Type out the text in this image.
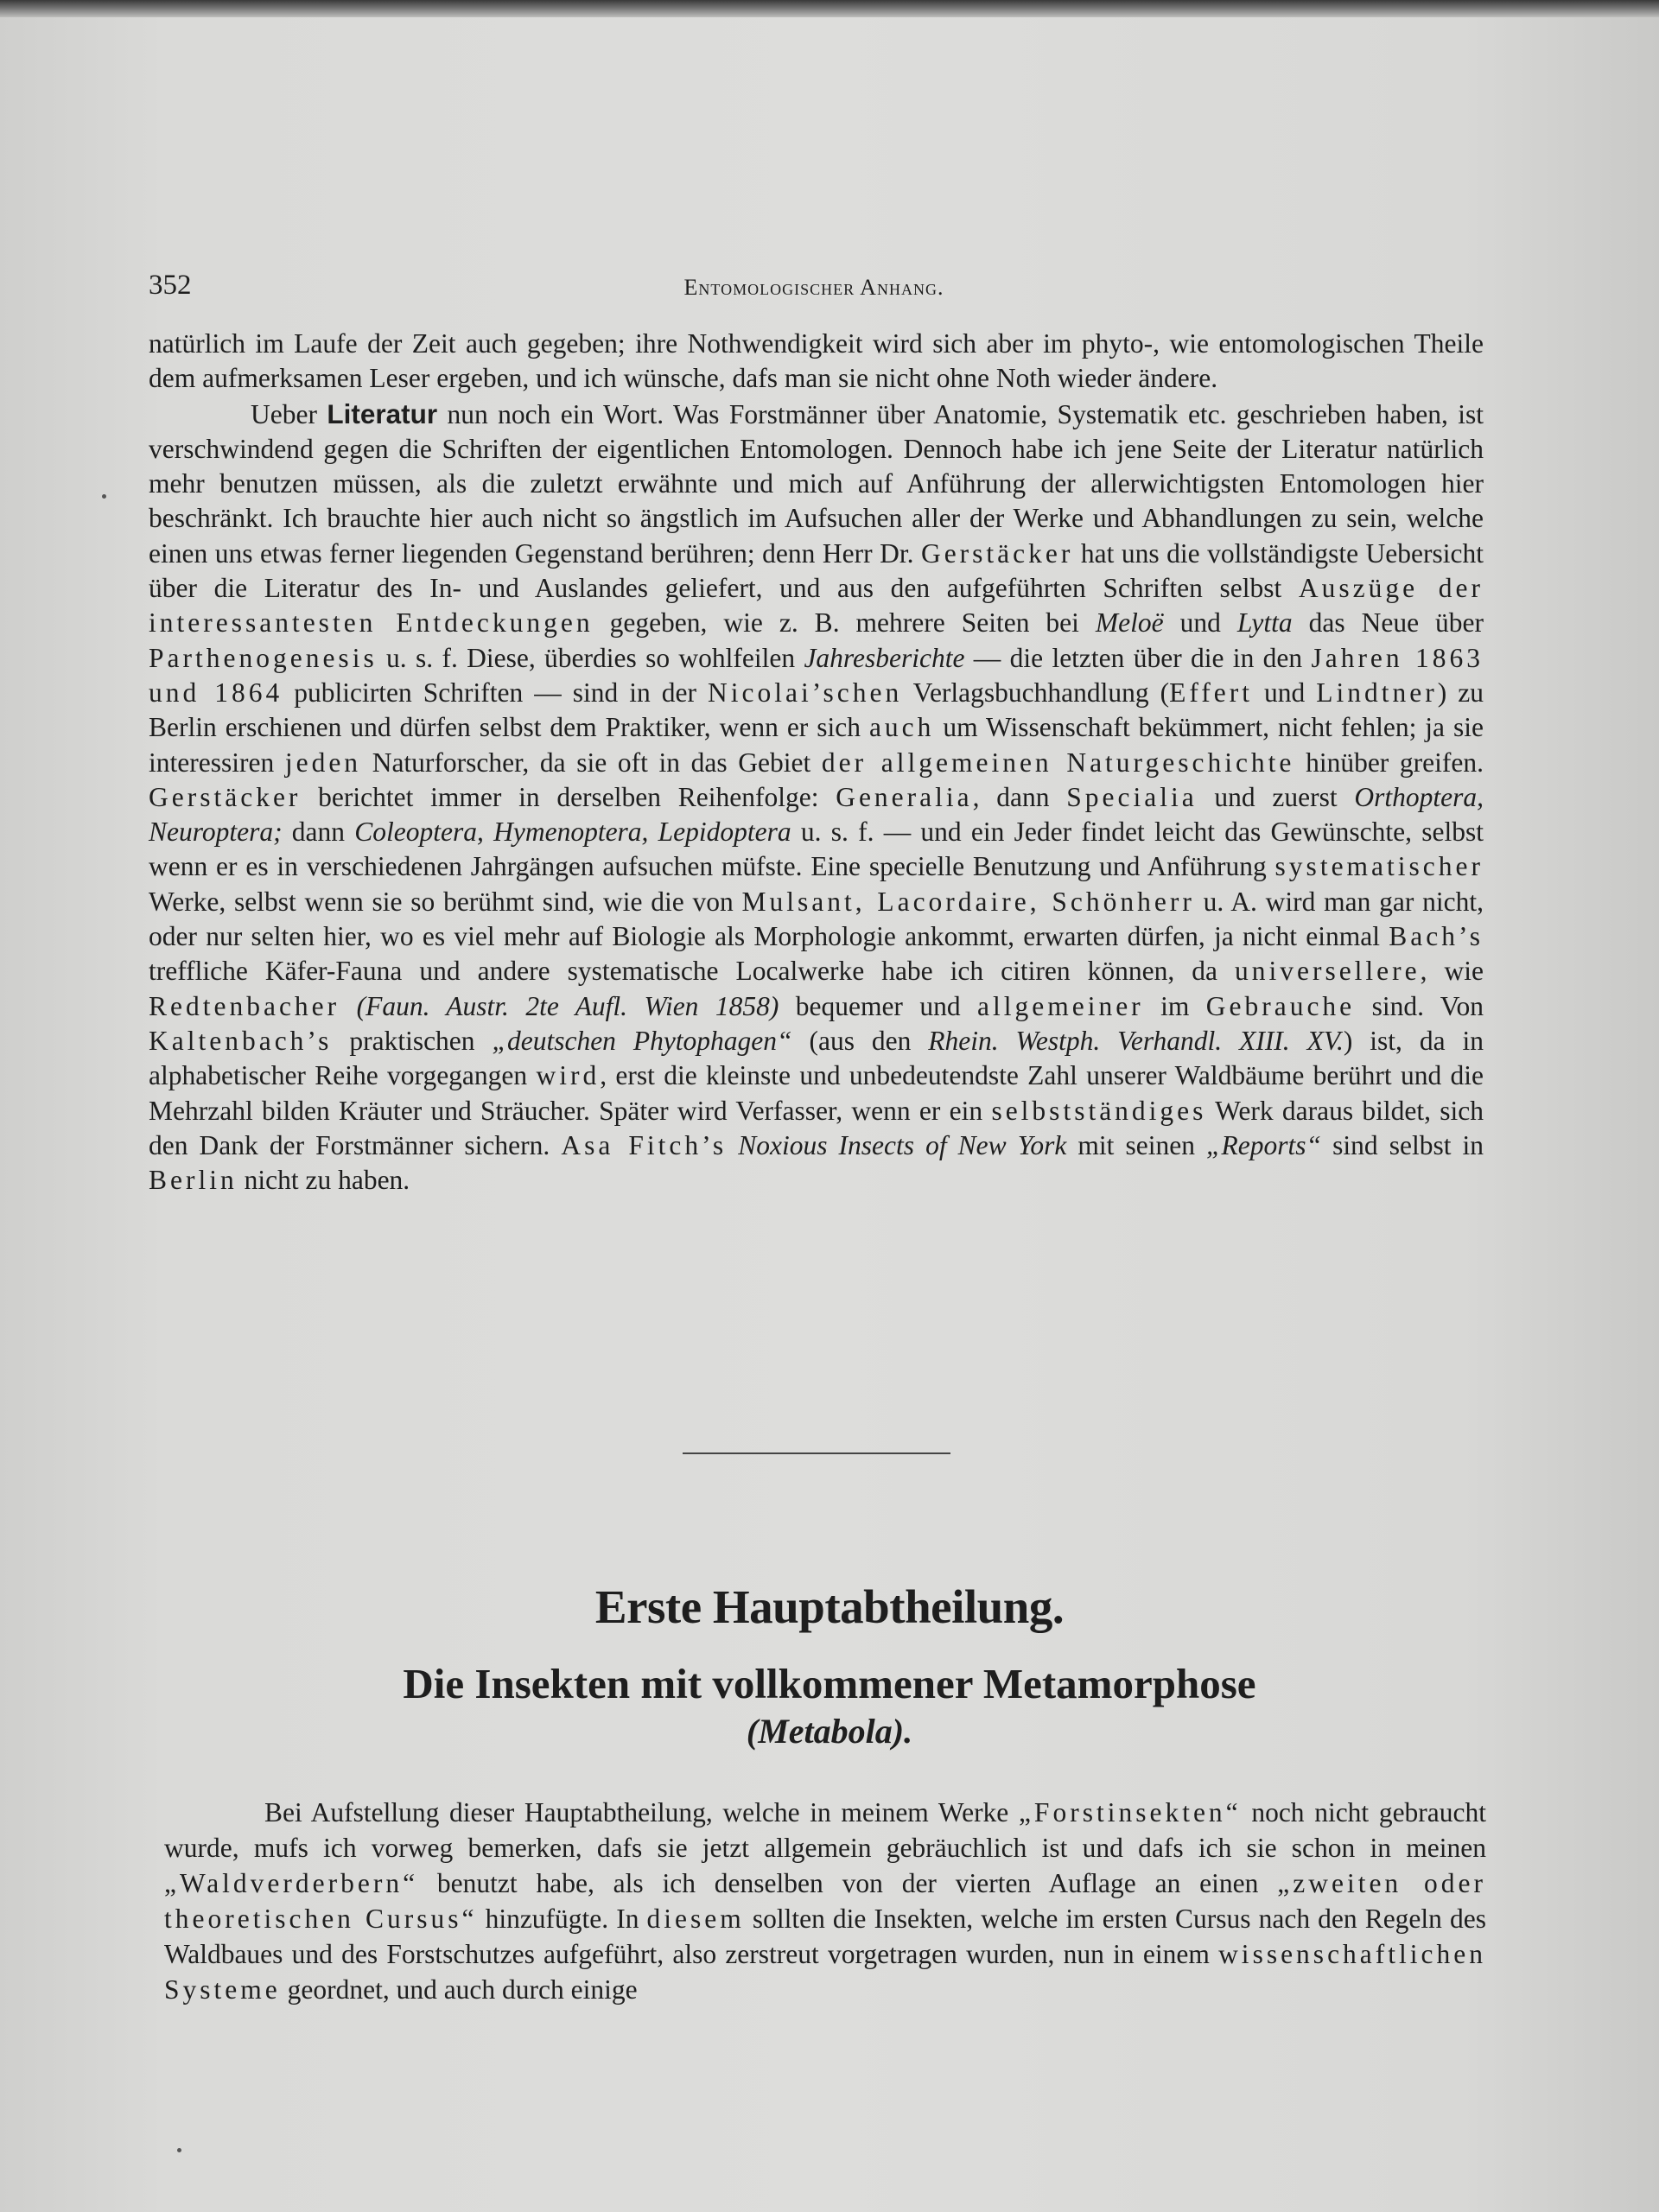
352	Entomologischer Anhang.

natürlich im Laufe der Zeit auch gegeben; ihre Nothwendigkeit wird sich aber im phyto-, wie entomologischen Theile dem aufmerksamen Leser ergeben, und ich wünsche, dafs man sie nicht ohne Noth wieder ändere.

Ueber Literatur nun noch ein Wort. Was Forstmänner über Anatomie, Systematik etc. geschrieben haben, ist verschwindend gegen die Schriften der eigentlichen Entomologen. Dennoch habe ich jene Seite der Literatur natürlich mehr benutzen müssen, als die zuletzt erwähnte und mich auf Anführung der allerwichtigsten Entomologen hier beschränkt. Ich brauchte hier auch nicht so ängstlich im Aufsuchen aller der Werke und Abhandlungen zu sein, welche einen uns etwas ferner liegenden Gegenstand berühren; denn Herr Dr. Gerstäcker hat uns die vollständigste Uebersicht über die Literatur des In- und Auslandes geliefert, und aus den aufgeführten Schriften selbst Auszüge der interessantesten Entdeckungen gegeben, wie z. B. mehrere Seiten bei Meloë und Lytta das Neue über Parthenogenesis u. s. f. Diese, überdies so wohlfeilen Jahresberichte — die letzten über die in den Jahren 1863 und 1864 publicirten Schriften — sind in der Nicolai’schen Verlagsbuchhandlung (Effert und Lindtner) zu Berlin erschienen und dürfen selbst dem Praktiker, wenn er sich auch um Wissenschaft bekümmert, nicht fehlen; ja sie interessiren jeden Naturforscher, da sie oft in das Gebiet der allgemeinen Naturgeschichte hinüber greifen. Gerstäcker berichtet immer in derselben Reihenfolge: Generalia, dann Specialia und zuerst Orthoptera, Neuroptera; dann Coleoptera, Hymenoptera, Lepidoptera u. s. f. — und ein Jeder findet leicht das Gewünschte, selbst wenn er es in verschiedenen Jahrgängen aufsuchen müfste. Eine specielle Benutzung und Anführung systematischer Werke, selbst wenn sie so berühmt sind, wie die von Mulsant, Lacordaire, Schönherr u. A. wird man gar nicht, oder nur selten hier, wo es viel mehr auf Biologie als Morphologie ankommt, erwarten dürfen, ja nicht einmal Bach’s treffliche Käfer-Fauna und andere systematische Localwerke habe ich citiren können, da universellere, wie Redtenbacher (Faun. Austr. 2te Aufl. Wien 1858) bequemer und allgemeiner im Gebrauche sind. Von Kaltenbach’s praktischen „deutschen Phytophagen“ (aus den Rhein. Westph. Verhandl. XIII. XV.) ist, da in alphabetischer Reihe vorgegangen wird, erst die kleinste und unbedeutendste Zahl unserer Waldbäume berührt und die Mehrzahl bilden Kräuter und Sträucher. Später wird Verfasser, wenn er ein selbstständiges Werk daraus bildet, sich den Dank der Forstmänner sichern. Asa Fitch’s Noxious Insects of New York mit seinen „Reports“ sind selbst in Berlin nicht zu haben.

Erste Hauptabtheilung.
Die Insekten mit vollkommener Metamorphose
(Metabola).

Bei Aufstellung dieser Hauptabtheilung, welche in meinem Werke „Forstinsekten“ noch nicht gebraucht wurde, mufs ich vorweg bemerken, dafs sie jetzt allgemein gebräuchlich ist und dafs ich sie schon in meinen „Waldverderbern“ benutzt habe, als ich denselben von der vierten Auflage an einen „zweiten oder theoretischen Cursus“ hinzufügte. In diesem sollten die Insekten, welche im ersten Cursus nach den Regeln des Waldbaues und des Forstschutzes aufgeführt, also zerstreut vorgetragen wurden, nun in einem wissenschaftlichen Systeme geordnet, und auch durch einige
